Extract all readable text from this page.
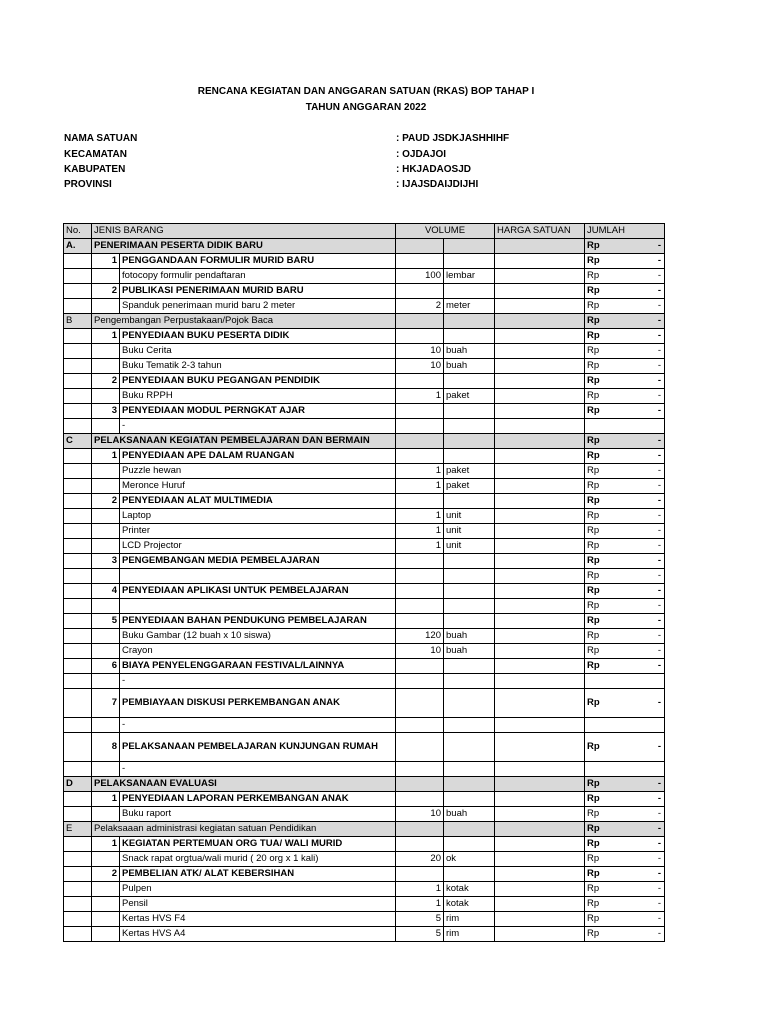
RENCANA KEGIATAN DAN ANGGARAN SATUAN (RKAS) BOP TAHAP I
TAHUN ANGGARAN 2022
NAMA SATUAN	: PAUD JSDKJASHHIHF
KECAMATAN	: OJDAJOI
KABUPATEN	: HKJADAOSJD
PROVINSI	: IJAJSDAIJDIJHI
No.	JENIS BARANG		VOLUME		HARGA SATUAN	JUMLAH
A.	PENERIMAAN PESERTA DIDIK BARU					Rp -

	1	PENGGANDAAN FORMULIR MURID BARU				Rp -

		fotocopy formulir pendaftaran	100	lembar		Rp -

	2	PUBLIKASI PENERIMAAN MURID BARU				Rp -

		Spanduk penerimaan murid baru 2 meter	2	meter		Rp -

B	Pengembangan Perpustakaan/Pojok Baca					Rp -

	1	PENYEDIAAN BUKU PESERTA DIDIK				Rp -

		Buku Cerita	10	buah		Rp -

		Buku Tematik 2-3 tahun	10	buah		Rp -

	2	PENYEDIAAN BUKU PEGANGAN PENDIDIK				Rp -

		Buku RPPH	1	paket		Rp -

	3	PENYEDIAAN MODUL PERNGKAT AJAR				Rp -

		-				
C	PELAKSANAAN KEGIATAN PEMBELAJARAN DAN BERMAIN					Rp -

	1	PENYEDIAAN APE DALAM RUANGAN				Rp -

		Puzzle hewan	1	paket		Rp -

		Meronce Huruf	1	paket		Rp -

	2	PENYEDIAAN ALAT MULTIMEDIA				Rp -

		Laptop	1	unit		Rp -

		Printer	1	unit		Rp -

		LCD Projector	1	unit		Rp -

	3	PENGEMBANGAN MEDIA PEMBELAJARAN				Rp -

						Rp -

	4	PENYEDIAAN APLIKASI UNTUK PEMBELAJARAN				Rp -

						Rp -

	5	PENYEDIAAN BAHAN PENDUKUNG PEMBELAJARAN				Rp -

		Buku Gambar (12 buah x 10 siswa)	120	buah		Rp -

		Crayon	10	buah		Rp -

	6	BIAYA PENYELENGGARAAN FESTIVAL/LAINNYA				Rp -

		-				
	7	PEMBIAYAAN DISKUSI PERKEMBANGAN ANAK				Rp -

		-				
	8	PELAKSANAAN PEMBELAJARAN KUNJUNGAN RUMAH				Rp -

		-				
D	PELAKSANAAN EVALUASI					Rp -

	1	PENYEDIAAN LAPORAN PERKEMBANGAN ANAK				Rp -

		Buku raport	10	buah		Rp -

E	Pelaksaaan administrasi kegiatan satuan Pendidikan					Rp -

	1	KEGIATAN PERTEMUAN ORG TUA/ WALI MURID				Rp -

		Snack rapat orgtua/wali murid ( 20 org x 1 kali)	20	ok		Rp -

	2	PEMBELIAN ATK/ ALAT KEBERSIHAN				Rp -

		Pulpen	1	kotak		Rp -

		Pensil	1	kotak		Rp -

		Kertas HVS F4	5	rim		Rp -

		Kertas HVS A4	5	rim		Rp -
